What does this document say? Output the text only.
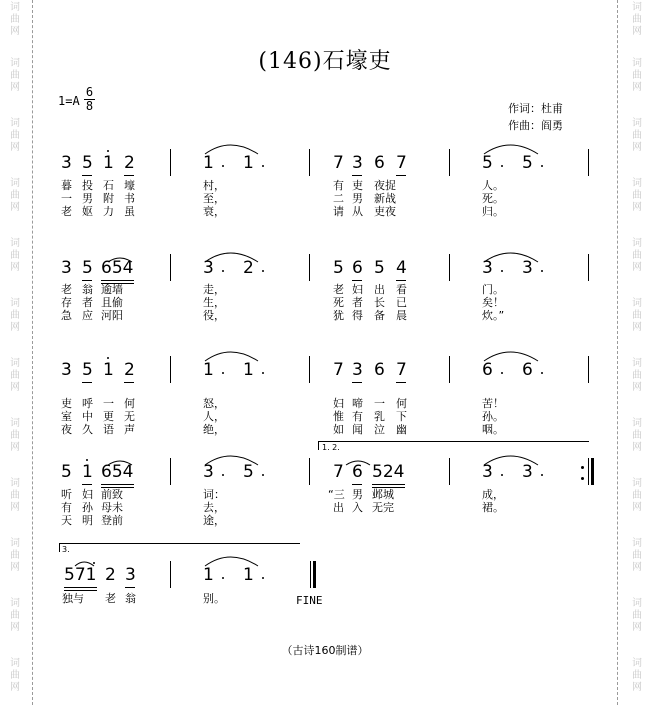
词
曲
网
词
曲
网
词
曲
网
词
曲
网
词
曲
网
词
曲
网
词
曲
网
词
曲
网
词
曲
网
词
曲
网
词
曲
网
词
曲
网
词
曲
网
词
曲
网
词
曲
网
词
曲
网
词
曲
网
词
曲
网
词
曲
网
词
曲
网
词
曲
网
词
曲
网
词
曲
网
词
曲
网
(146)石壕吏
1=A
6
8	作词：杜甫
作曲：阎勇
3 5 1 2	1 1	7 3 6 7	5 5
暮 投 石 壕	村，	有 吏 夜捉	人。
一 男 附 书	至，	二 男 新战	死。
老 妪 力 虽	衰，	请 从 吏夜	归。
3 5 654	3 2	5 6 5 4	3 3
老 翁 逾墙	走，	老 妇 出 看	门。
存 者 且偷	生，	死 者 长 已	矣！
急 应 河阳	役，	犹 得 备 晨	炊。”
3 5 1 2	1 1	7 3 6 7	6 6
吏 呼 一 何	怒，	妇 啼 一 何	苦！
室 中 更 无	人，	惟 有 乳 下	孙。
夜 久 语 声	绝，	如 闻 泣 幽	咽。
1. 2.
5 1 654	3 5	7 6 524	3 3
听 妇 前致	词：	“三 男 邺城	成，
有 孙 母未	去，	出 入 无完	裙。
天 明 登前	途，
3.
571 2 3	1 1
独与 老 翁	别。	FINE
（古诗160制谱）
